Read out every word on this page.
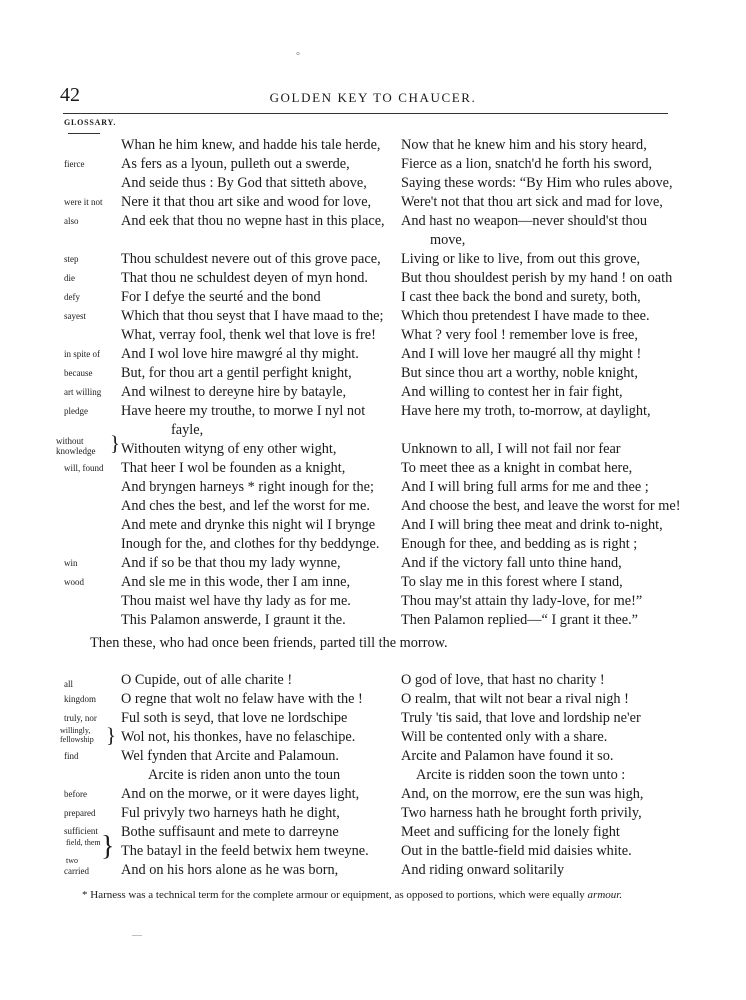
°
42	GOLDEN KEY TO CHAUCER.
GLOSSARY.
fierce
were it not
also
step
die
defy
sayest
in spite of
because
art willing
pledge
without knowledge }
will, found
win
wood
all
kingdom
truly, nor
willingly, fellowship }
find
before
prepared
sufficient
field, them
two }
carried
Whan he him knew, and hadde his tale herde,
As fers as a lyoun, pulleth out a swerde,
And seide thus : By God that sitteth above,
Nere it that thou art sike and wood for love,
And eek that thou no wepne hast in this place,
Thou schuldest nevere out of this grove pace,
That thou ne schuldest deyen of myn hond.
For I defye the seurté and the bond
Which that thou seyst that I have maad to the;
What, verray fool, thenk wel that love is fre!
And I wol love hire mawgré al thy might.
But, for thou art a gentil perfight knight,
And wilnest to dereyne hire by batayle,
Have heere my trouthe, to morwe I nyl not
fayle,
Withouten wityng of eny other wight,
That heer I wol be founden as a knight,
And bryngen harneys * right inough for the;
And ches the best, and lef the worst for me.
And mete and drynke this night wil I brynge
Inough for the, and clothes for thy beddynge.
And if so be that thou my lady wynne,
And sle me in this wode, ther I am inne,
Thou maist wel have thy lady as for me.
This Palamon answerde, I graunt it the.
Now that he knew him and his story heard,
Fierce as a lion, snatch'd he forth his sword,
Saying these words: “By Him who rules above,
Were't not that thou art sick and mad for love,
And hast no weapon—never should'st thou
move,
Living or like to live, from out this grove,
But thou shouldest perish by my hand ! on oath
I cast thee back the bond and surety, both,
Which thou pretendest I have made to thee.
What ? very fool ! remember love is free,
And I will love her maugré all thy might !
But since thou art a worthy, noble knight,
And willing to contest her in fair fight,
Have here my troth, to-morrow, at daylight,
Unknown to all, I will not fail nor fear
To meet thee as a knight in combat here,
And I will bring full arms for me and thee ;
And choose the best, and leave the worst for me!
And I will bring thee meat and drink to-night,
Enough for thee, and bedding as is right ;
And if the victory fall unto thine hand,
To slay me in this forest where I stand,
Thou may'st attain thy lady-love, for me!”
Then Palamon replied—“ I grant it thee.”
Then these, who had once been friends, parted till the morrow.
O Cupide, out of alle charite !
O regne that wolt no felaw have with the !
Ful soth is seyd, that love ne lordschipe
Wol not, his thonkes, have no felaschipe.
Wel fynden that Arcite and Palamoun.
Arcite is riden anon unto the toun
And on the morwe, or it were dayes light,
Ful privyly two harneys hath he dight,
Bothe suffisaunt and mete to darreyne
The batayl in the feeld betwix hem tweyne.
And on his hors alone as he was born,
O god of love, that hast no charity !
O realm, that wilt not bear a rival nigh !
Truly 'tis said, that love and lordship ne'er
Will be contented only with a share.
Arcite and Palamon have found it so.
Arcite is ridden soon the town unto :
And, on the morrow, ere the sun was high,
Two harness hath he brought forth privily,
Meet and sufficing for the lonely fight
Out in the battle-field mid daisies white.
And riding onward solitarily
* Harness was a technical term for the complete armour or equipment, as opposed to portions, which were equally armour.
—
